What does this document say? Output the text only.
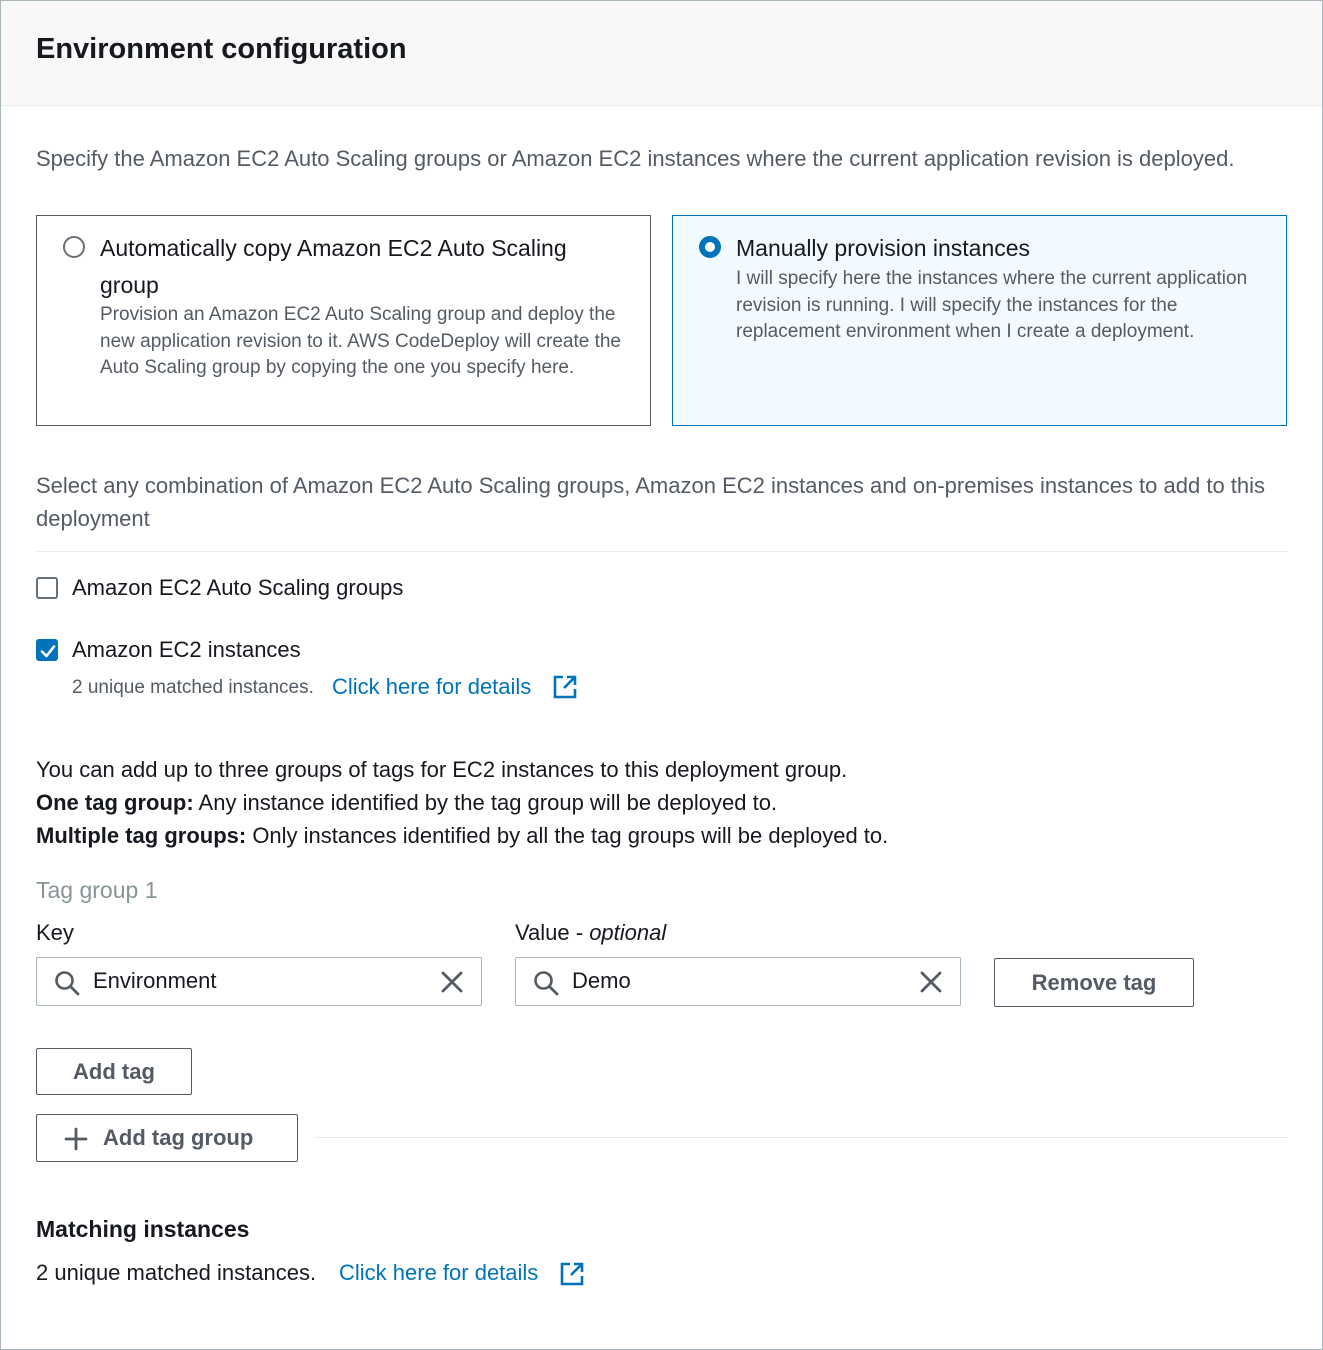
Environment configuration
Specify the Amazon EC2 Auto Scaling groups or Amazon EC2 instances where the current application revision is deployed.
Automatically copy Amazon EC2 Auto Scaling group
Provision an Amazon EC2 Auto Scaling group and deploy the new application revision to it. AWS CodeDeploy will create the Auto Scaling group by copying the one you specify here.
Manually provision instances
I will specify here the instances where the current application revision is running. I will specify the instances for the replacement environment when I create a deployment.
Select any combination of Amazon EC2 Auto Scaling groups, Amazon EC2 instances and on-premises instances to add to this deployment
Amazon EC2 Auto Scaling groups
Amazon EC2 instances
2 unique matched instances. Click here for details
You can add up to three groups of tags for EC2 instances to this deployment group.
One tag group: Any instance identified by the tag group will be deployed to.
Multiple tag groups: Only instances identified by all the tag groups will be deployed to.
Tag group 1
Key	Value - optional
Environment	Demo	Remove tag
Add tag
Add tag group
Matching instances
2 unique matched instances. Click here for details
